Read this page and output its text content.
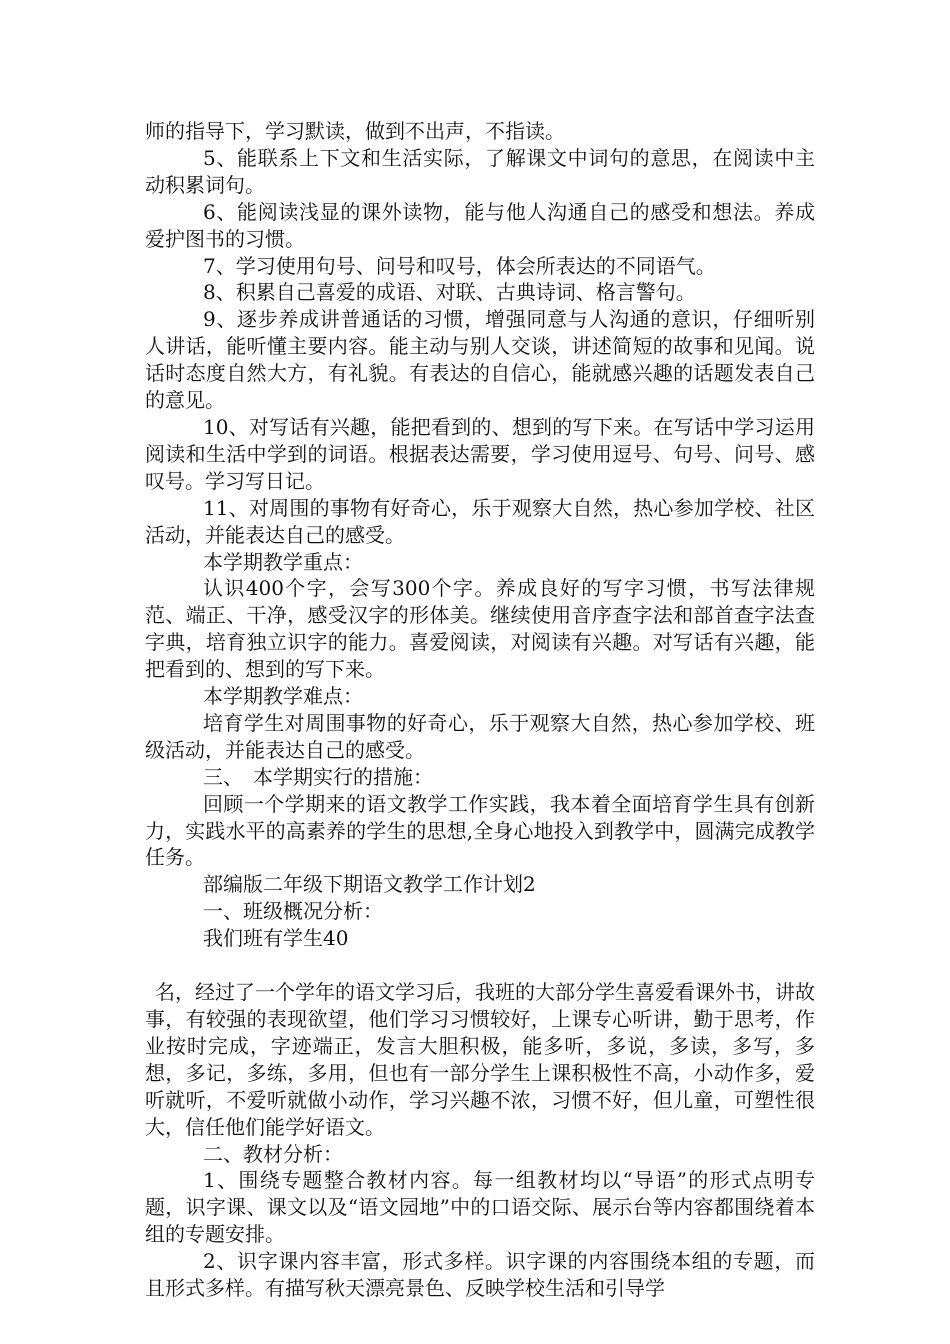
师的指导下，学习默读，做到不出声，不指读。

5、能联系上下文和生活实际，了解课文中词句的意思，在阅读中主动积累词句。

6、能阅读浅显的课外读物，能与他人沟通自己的感受和想法。养成爱护图书的习惯。

7、学习使用句号、问号和叹号，体会所表达的不同语气。

8、积累自己喜爱的成语、对联、古典诗词、格言警句。

9、逐步养成讲普通话的习惯，增强同意与人沟通的意识，仔细听别人讲话，能听懂主要内容。能主动与别人交谈，讲述简短的故事和见闻。说话时态度自然大方，有礼貌。有表达的自信心，能就感兴趣的话题发表自己的意见。

10、对写话有兴趣，能把看到的、想到的写下来。在写话中学习运用阅读和生活中学到的词语。根据表达需要，学习使用逗号、句号、问号、感叹号。学习写日记。

11、对周围的事物有好奇心，乐于观察大自然，热心参加学校、社区活动，并能表达自己的感受。

本学期教学重点：

认识400个字，会写300个字。养成良好的写字习惯，书写法律规范、端正、干净，感受汉字的形体美。继续使用音序查字法和部首查字法查字典，培育独立识字的能力。喜爱阅读，对阅读有兴趣。对写话有兴趣，能把看到的、想到的写下来。

本学期教学难点：

培育学生对周围事物的好奇心，乐于观察大自然，热心参加学校、班级活动，并能表达自己的感受。

三、　本学期实行的措施：

回顾一个学期来的语文教学工作实践，我本着全面培育学生具有创新力，实践水平的高素养的学生的思想,全身心地投入到教学中，圆满完成教学任务。

部编版二年级下期语文教学工作计划2

一、班级概况分析：

我们班有学生40

名，经过了一个学年的语文学习后，我班的大部分学生喜爱看课外书，讲故事，有较强的表现欲望，他们学习习惯较好，上课专心听讲，勤于思考，作业按时完成，字迹端正，发言大胆积极，能多听，多说，多读，多写，多想，多记，多练，多用，但也有一部分学生上课积极性不高，小动作多，爱听就听，不爱听就做小动作，学习兴趣不浓，习惯不好，但儿童，可塑性很大，信任他们能学好语文。

二、教材分析：

1、围绕专题整合教材内容。每一组教材均以“导语”的形式点明专题，识字课、课文以及“语文园地”中的口语交际、展示台等内容都围绕着本组的专题安排。

2、识字课内容丰富，形式多样。识字课的内容围绕本组的专题，而且形式多样。有描写秋天漂亮景色、反映学校生活和引导学
